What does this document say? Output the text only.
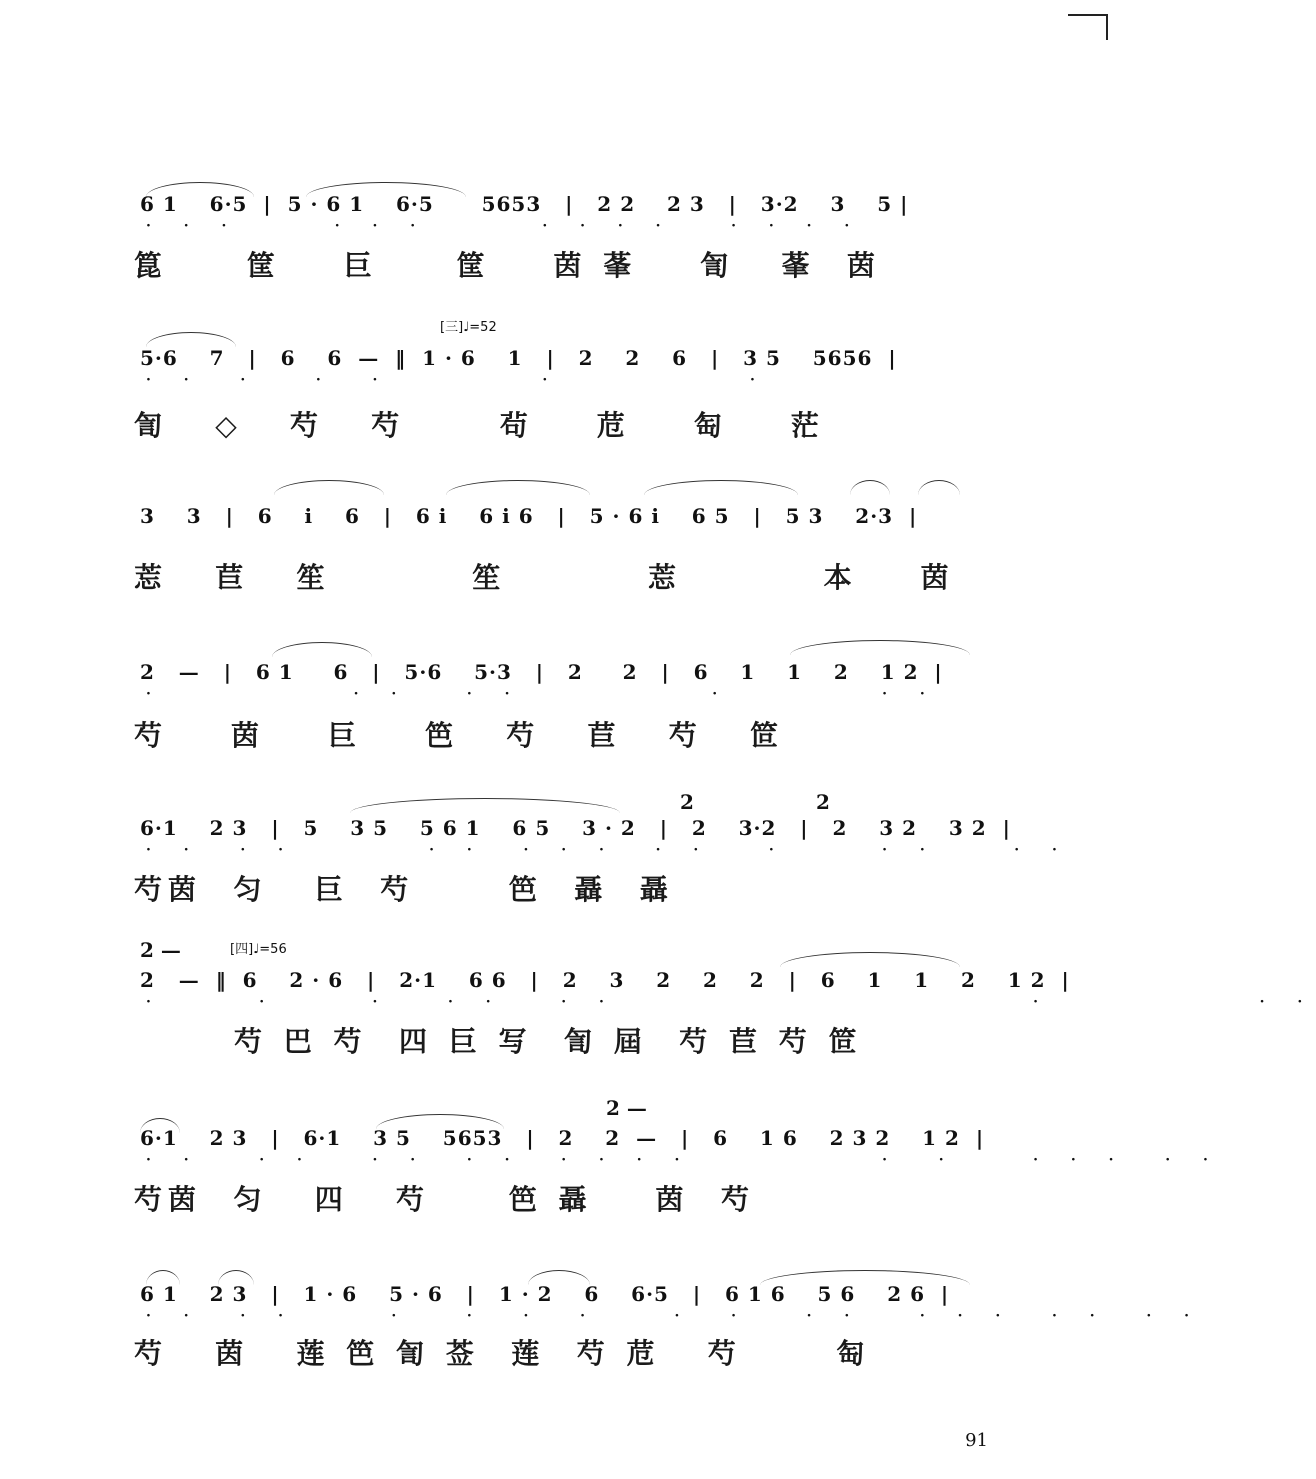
6 1    6·5  |  5 · 6 1    6·5      5653   |   2 2    2 3   |   3·2    3    5 |
· · ·     · · ·      · · · ·   · · · ·
箟     筐    巨     筐    茵 莑    訇   莑  茵
[三]♩=52
5·6    7   |   6    6  —  ‖  1 · 6    1   |   2    2    6   |   3 5    5656  |
· ·  ·   ·  ·        ·          ·
訇   ◇   芍   芍      茍    苊    匋    茫
3    3   |   6    i    6   |   6 i    6 i 6   |   5 · 6 i    6 5   |   5 3    2·3  |
莣   苣   笙         笙         莣         本    茵
2   —   |   6 1     6   |   5·6    5·3   |   2     2   |   6    1    1    2    1 2  |
·          · ·   · ·          ·        · ·
芍    茵    巨    笆   芍   苣   芍   笸
2	2
6·1    2 3   |   5    3 5    5 6 1    6 5    3 · 2   |   2    3·2   |   2    3 2    3 2  |
· ·  · ·       · ·  · · ·  · ·   ·     · ·    · ·
芍茵  匀   巨  芍      笆  聶  聶
[四]♩=56
2 —
2   —  ‖  6    2 · 6   |   2·1    6 6   |   2    3    2    2    2   |   6    1    1    2    1 2  |
·     ·     ·   · ·   · ·                      ·           · ·
芍 巴 芍  四 巨 写  訇 屆  芍 苣 芍 笸
2 —
6·1    2 3   |   6·1    3 5    5653   |   2    2  —   |   6    1 6    2 3 2    1 2  |
· ·   · ·   · ·  · ·  · · · ·          ·  ·    · · ·  · ·
芍茵  匀   四   芍     笆 聶    茵  芍
6 1    2 3   |   1 · 6    5 · 6   |   1 · 2    6    6·5   |   6 1 6    5 6    2 6  |
· ·  · ·     ·   ·  ·  ·    ·  ·   · ·   · · ·  · ·  · ·
芍   茵   莲 笆 訇 莶  莲  芍 苊   芍      匋
91
